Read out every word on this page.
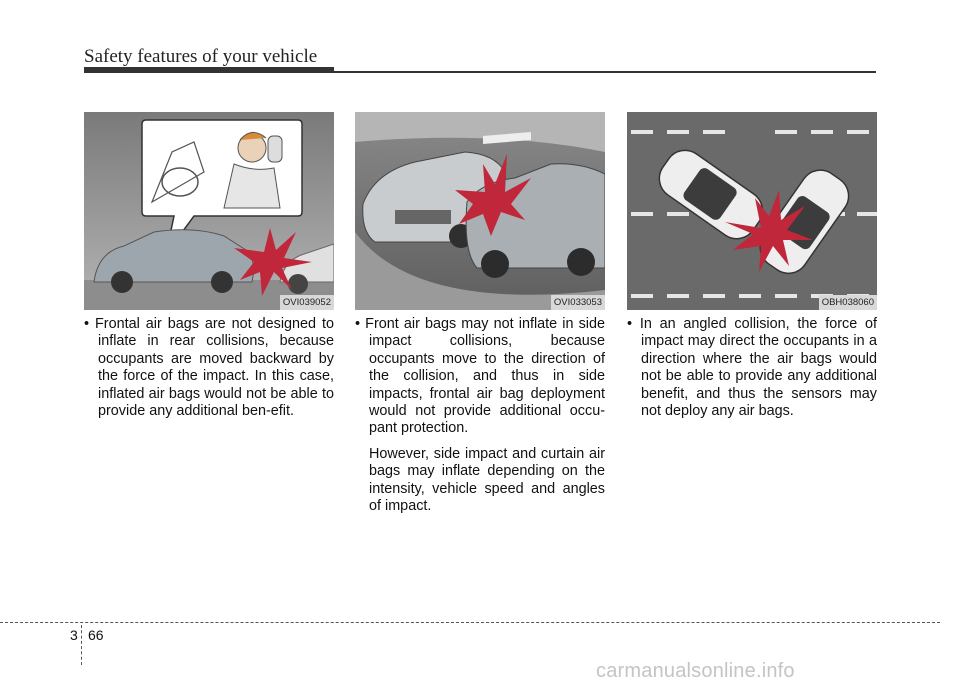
Safety features of your vehicle
OVI039052	OVI033053	OBH038060

• Frontal air bags are not designed to inflate in rear collisions, because occupants are moved backward by the force of the impact. In this case, inflated air bags would not be able to provide any additional ben-efit.

• Front air bags may not inflate in side impact collisions, because occupants move to the direction of the collision, and thus in side impacts, frontal air bag deployment would not provide additional occu-pant protection.

However, side impact and curtain air bags may inflate depending on the intensity, vehicle speed and angles of impact.

• In an angled collision, the force of impact may direct the occupants in a direction where the air bags would not be able to provide any additional benefit, and thus the sensors may not deploy any air bags.

3 66
carmanualsonline.info
